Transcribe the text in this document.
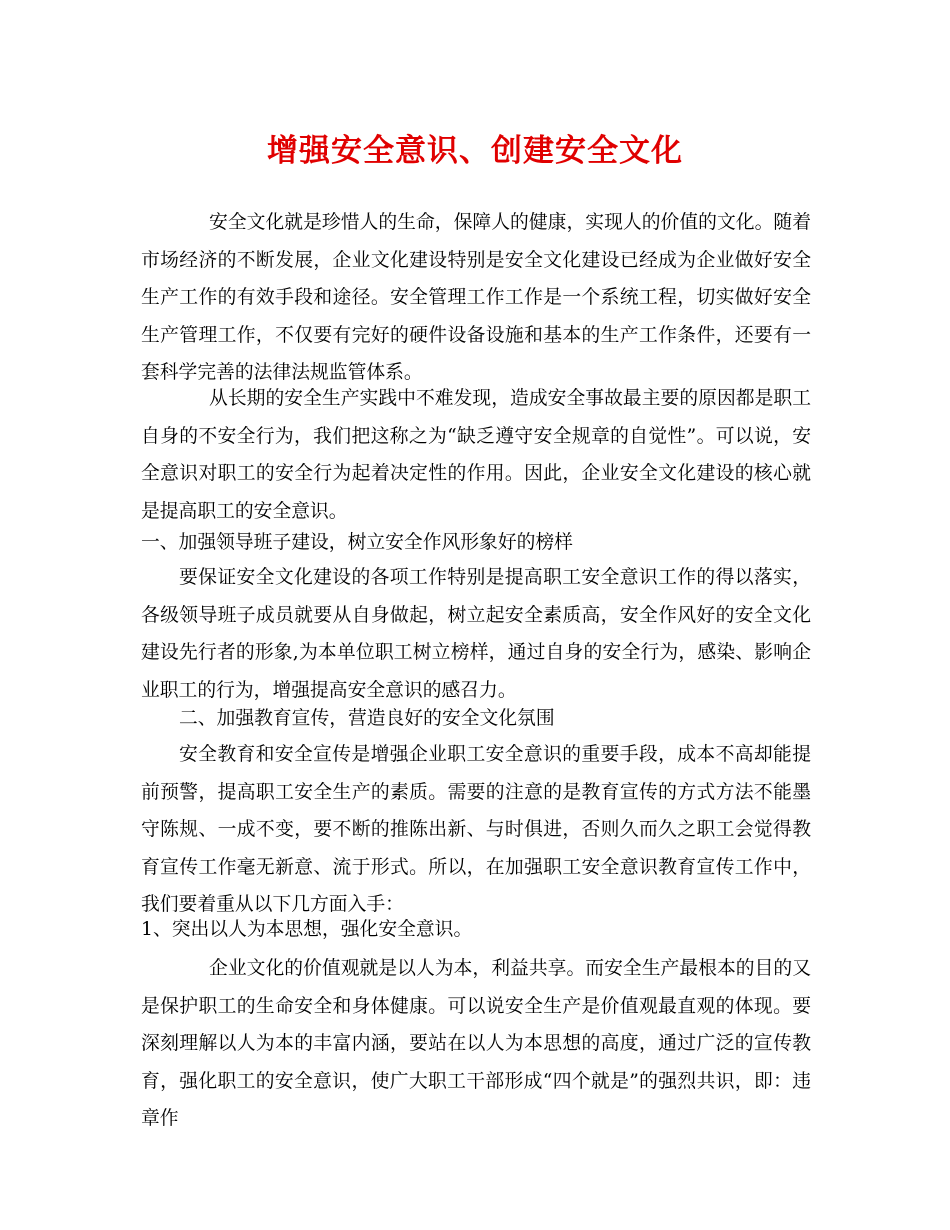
增强安全意识、创建安全文化

安全文化就是珍惜人的生命，保障人的健康，实现人的价值的文化。随着市场经济的不断发展，企业文化建设特别是安全文化建设已经成为企业做好安全生产工作的有效手段和途径。安全管理工作工作是一个系统工程，切实做好安全生产管理工作，不仅要有完好的硬件设备设施和基本的生产工作条件，还要有一套科学完善的法律法规监管体系。

从长期的安全生产实践中不难发现，造成安全事故最主要的原因都是职工自身的不安全行为，我们把这称之为“缺乏遵守安全规章的自觉性”。可以说，安全意识对职工的安全行为起着决定性的作用。因此，企业安全文化建设的核心就是提高职工的安全意识。

一、加强领导班子建设，树立安全作风形象好的榜样

要保证安全文化建设的各项工作特别是提高职工安全意识工作的得以落实，各级领导班子成员就要从自身做起，树立起安全素质高，安全作风好的安全文化建设先行者的形象,为本单位职工树立榜样，通过自身的安全行为，感染、影响企业职工的行为，增强提高安全意识的感召力。

二、加强教育宣传，营造良好的安全文化氛围

安全教育和安全宣传是增强企业职工安全意识的重要手段，成本不高却能提前预警，提高职工安全生产的素质。需要的注意的是教育宣传的方式方法不能墨守陈规、一成不变，要不断的推陈出新、与时俱进，否则久而久之职工会觉得教育宣传工作毫无新意、流于形式。所以，在加强职工安全意识教育宣传工作中，我们要着重从以下几方面入手：

1、突出以人为本思想，强化安全意识。

企业文化的价值观就是以人为本，利益共享。而安全生产最根本的目的又是保护职工的生命安全和身体健康。可以说安全生产是价值观最直观的体现。要深刻理解以人为本的丰富内涵，要站在以人为本思想的高度，通过广泛的宣传教育，强化职工的安全意识，使广大职工干部形成“四个就是”的强烈共识，即：违章作
